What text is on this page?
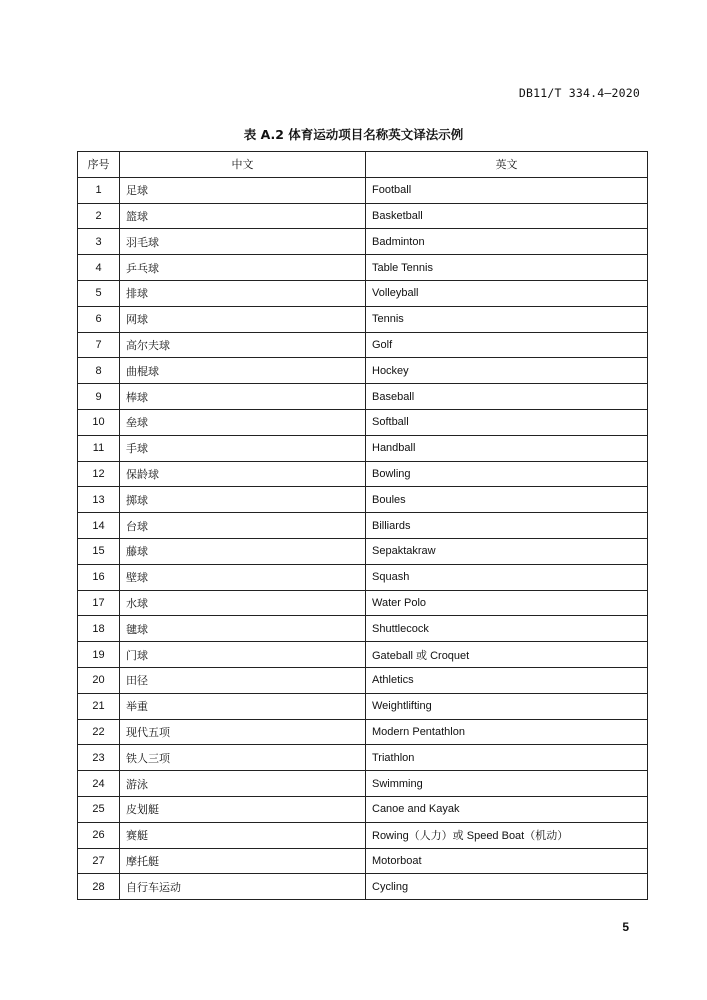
DB11/T 334.4—2020
表 A.2 体育运动项目名称英文译法示例
序号	中文	英文
1	足球	Football
2	篮球	Basketball
3	羽毛球	Badminton
4	乒乓球	Table Tennis
5	排球	Volleyball
6	网球	Tennis
7	高尔夫球	Golf
8	曲棍球	Hockey
9	棒球	Baseball
10	垒球	Softball
11	手球	Handball
12	保龄球	Bowling
13	掷球	Boules
14	台球	Billiards
15	藤球	Sepaktakraw
16	壁球	Squash
17	水球	Water Polo
18	毽球	Shuttlecock
19	门球	Gateball 或 Croquet
20	田径	Athletics
21	举重	Weightlifting
22	现代五项	Modern Pentathlon
23	铁人三项	Triathlon
24	游泳	Swimming
25	皮划艇	Canoe and Kayak
26	赛艇	Rowing（人力）或 Speed Boat（机动）
27	摩托艇	Motorboat
28	自行车运动	Cycling
5
